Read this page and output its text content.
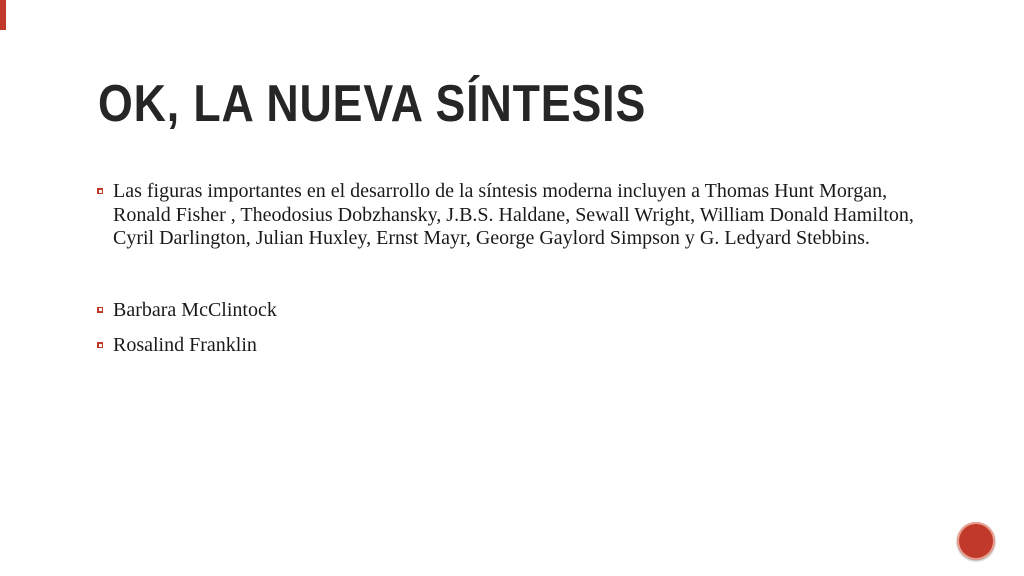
OK, LA NUEVA SÍNTESIS
Las figuras importantes en el desarrollo de la síntesis moderna incluyen a Thomas Hunt Morgan, Ronald Fisher , Theodosius Dobzhansky, J.B.S. Haldane, Sewall Wright, William Donald Hamilton, Cyril Darlington, Julian Huxley, Ernst Mayr, George Gaylord Simpson y G. Ledyard Stebbins.
Barbara McClintock
Rosalind Franklin
